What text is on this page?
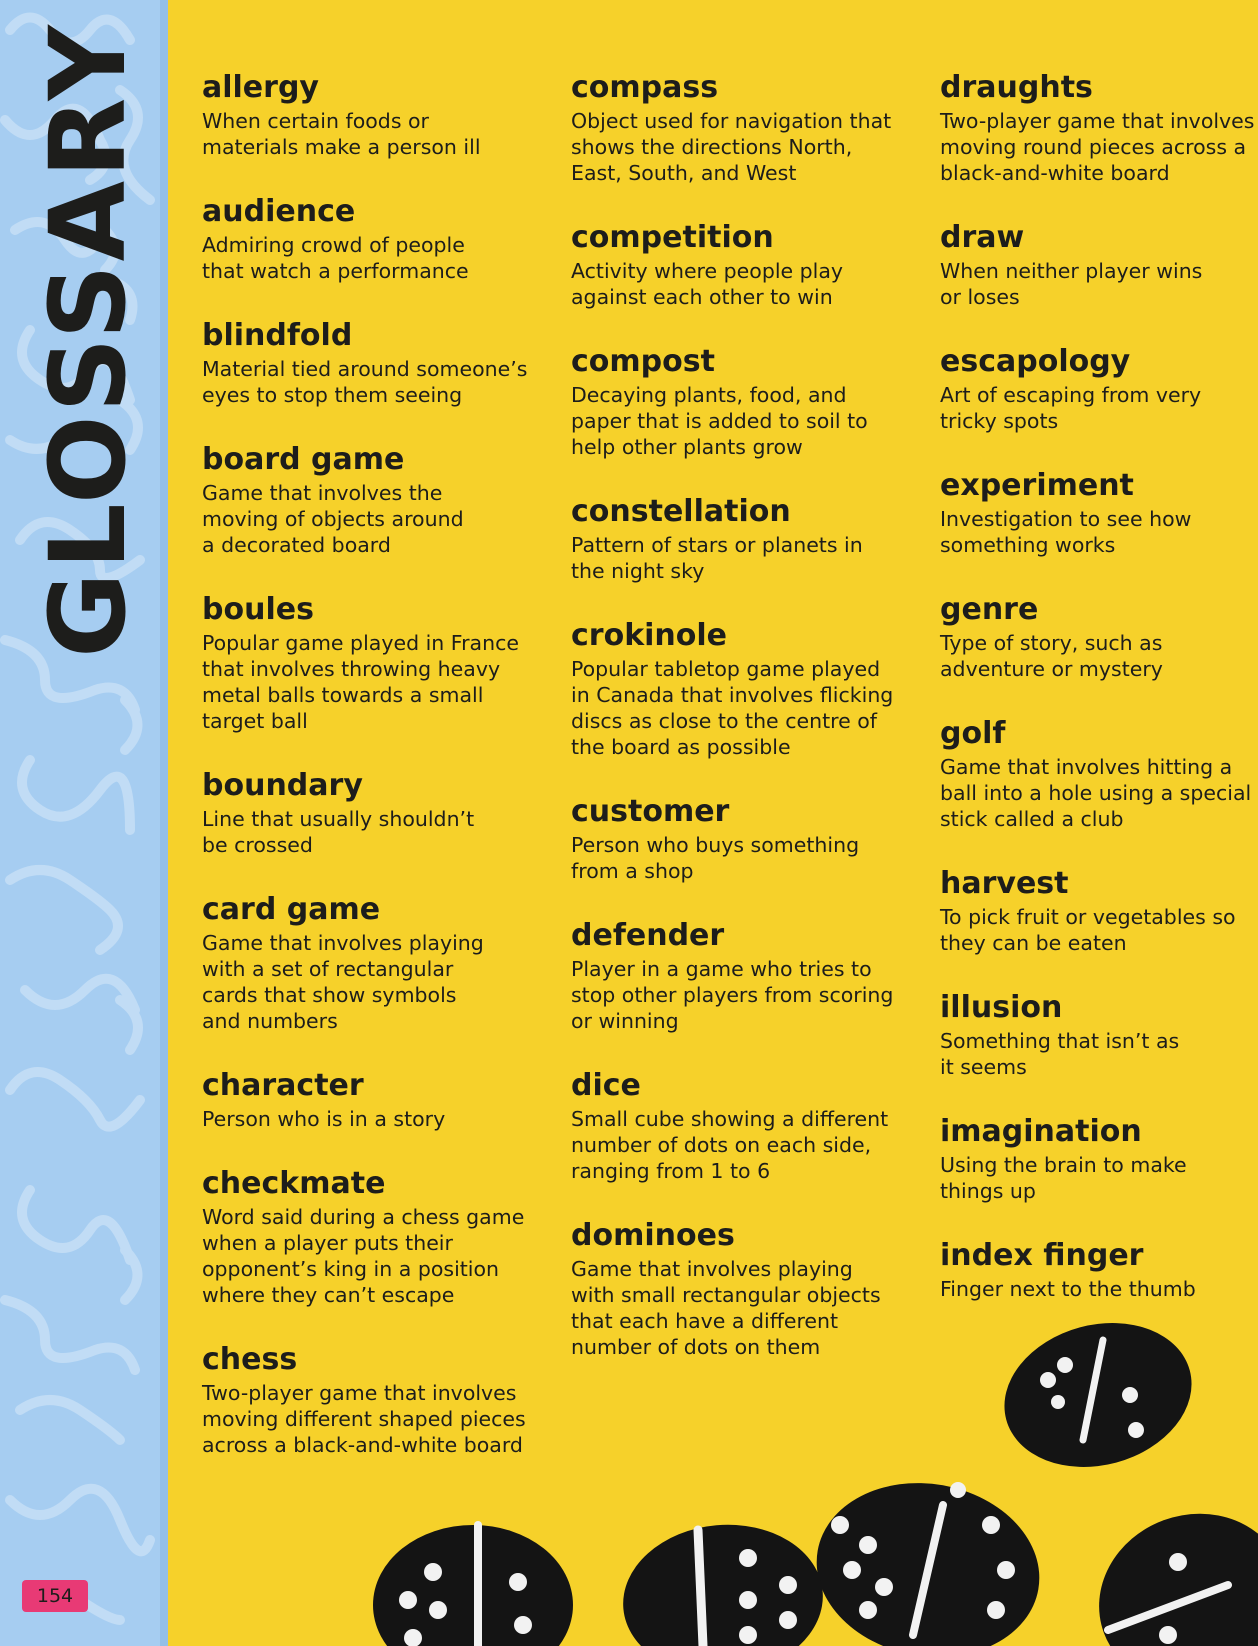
GLOSSARY
154
allergy
When certain foods or
materials make a person ill
audience
Admiring crowd of people
that watch a performance
blindfold
Material tied around someone’s
eyes to stop them seeing
board game
Game that involves the
moving of objects around
a decorated board
boules
Popular game played in France
that involves throwing heavy
metal balls towards a small
target ball
boundary
Line that usually shouldn’t
be crossed
card game
Game that involves playing
with a set of rectangular
cards that show symbols
and numbers
character
Person who is in a story
checkmate
Word said during a chess game
when a player puts their
opponent’s king in a position
where they can’t escape
chess
Two-player game that involves
moving different shaped pieces
across a black-and-white board
compass
Object used for navigation that
shows the directions North,
East, South, and West
competition
Activity where people play
against each other to win
compost
Decaying plants, food, and
paper that is added to soil to
help other plants grow
constellation
Pattern of stars or planets in
the night sky
crokinole
Popular tabletop game played
in Canada that involves flicking
discs as close to the centre of
the board as possible
customer
Person who buys something
from a shop
defender
Player in a game who tries to
stop other players from scoring
or winning
dice
Small cube showing a different
number of dots on each side,
ranging from 1 to 6
dominoes
Game that involves playing
with small rectangular objects
that each have a different
number of dots on them
draughts
Two-player game that involves
moving round pieces across a
black-and-white board
draw
When neither player wins
or loses
escapology
Art of escaping from very
tricky spots
experiment
Investigation to see how
something works
genre
Type of story, such as
adventure or mystery
golf
Game that involves hitting a
ball into a hole using a special
stick called a club
harvest
To pick fruit or vegetables so
they can be eaten
illusion
Something that isn’t as
it seems
imagination
Using the brain to make
things up
index finger
Finger next to the thumb
